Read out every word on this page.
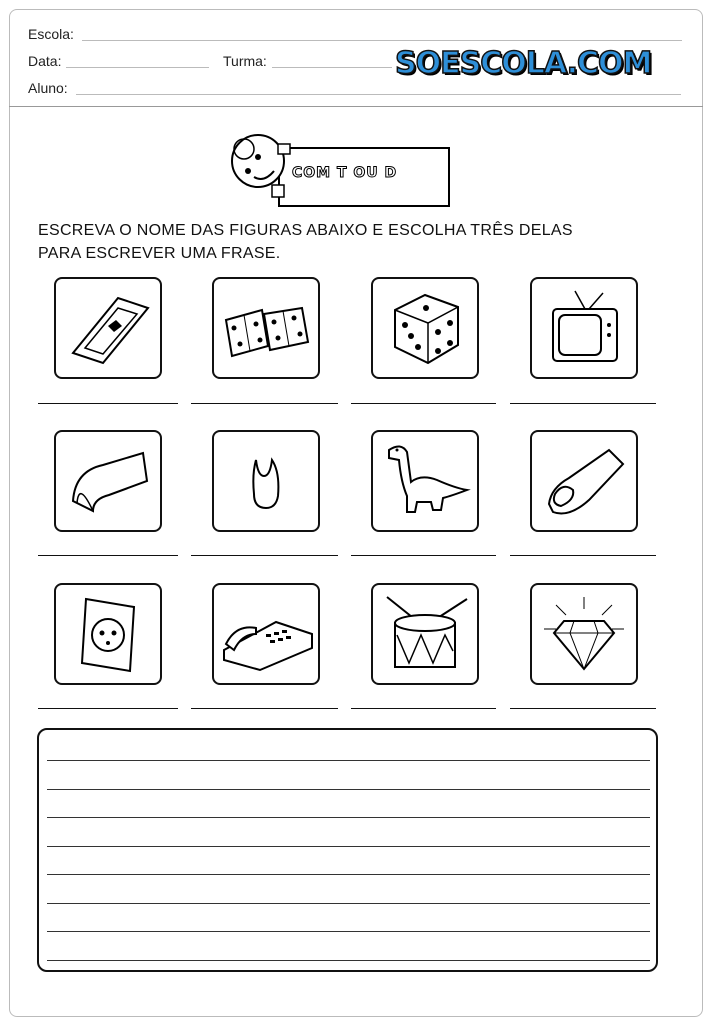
Escola:
Data:	Turma:
Aluno:
SOESCOLA.COM
COM T OU D
ESCREVA O NOME DAS FIGURAS ABAIXO E ESCOLHA TRÊS DELAS
PARA ESCREVER UMA FRASE.
